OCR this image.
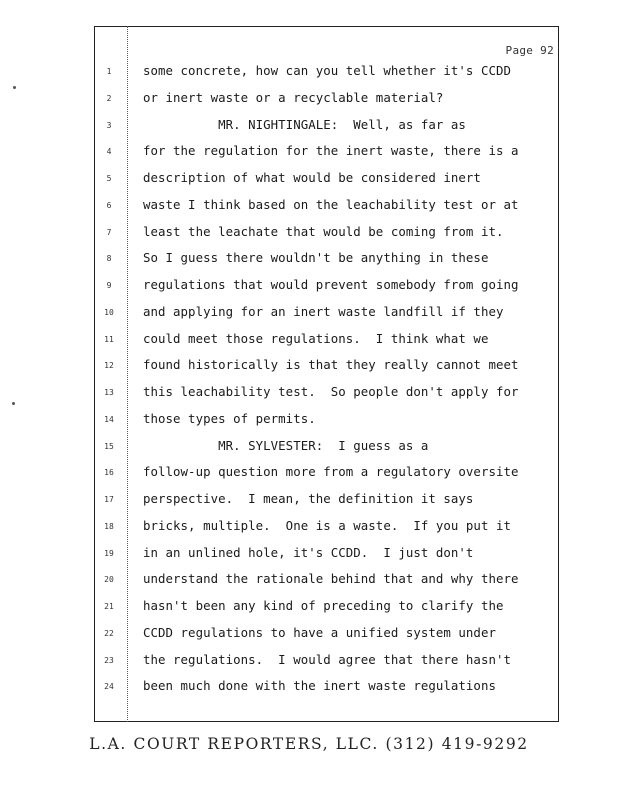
Page 92
1	some concrete, how can you tell whether it's CCDD
2	or inert waste or a recyclable material?
3	MR. NIGHTINGALE:  Well, as far as
4	for the regulation for the inert waste, there is a
5	description of what would be considered inert
6	waste I think based on the leachability test or at
7	least the leachate that would be coming from it.
8	So I guess there wouldn't be anything in these
9	regulations that would prevent somebody from going
10	and applying for an inert waste landfill if they
11	could meet those regulations.  I think what we
12	found historically is that they really cannot meet
13	this leachability test.  So people don't apply for
14	those types of permits.
15	MR. SYLVESTER:  I guess as a
16	follow-up question more from a regulatory oversite
17	perspective.  I mean, the definition it says
18	bricks, multiple.  One is a waste.  If you put it
19	in an unlined hole, it's CCDD.  I just don't
20	understand the rationale behind that and why there
21	hasn't been any kind of preceding to clarify the
22	CCDD regulations to have a unified system under
23	the regulations.  I would agree that there hasn't
24	been much done with the inert waste regulations
L.A. COURT REPORTERS, LLC. (312) 419-9292
